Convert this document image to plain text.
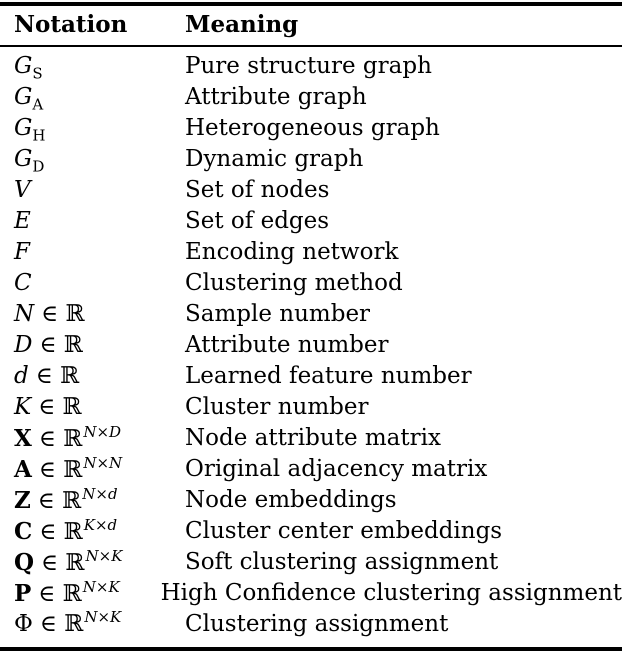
Notation	Meaning
$G_S$	Pure structure graph
$G_A$	Attribute graph
$G_H$	Heterogeneous graph
$G_D$	Dynamic graph
V	Set of nodes
E	Set of edges
F	Encoding network
C	Clustering method
N ∈ ℝ	Sample number
D ∈ ℝ	Attribute number
d ∈ ℝ	Learned feature number
K ∈ ℝ	Cluster number
X ∈ ℝ$^{N\times D}$	Node attribute matrix
A ∈ ℝ$^{N\times N}$	Original adjacency matrix
Z ∈ ℝ$^{N\times d}$	Node embeddings
C ∈ ℝ$^{K\times d}$	Cluster center embeddings
Q ∈ ℝ$^{N\times K}$	Soft clustering assignment
P ∈ ℝ$^{N\times K}$	High Confidence clustering assignment
Φ ∈ ℝ$^{N\times K}$	Clustering assignment
